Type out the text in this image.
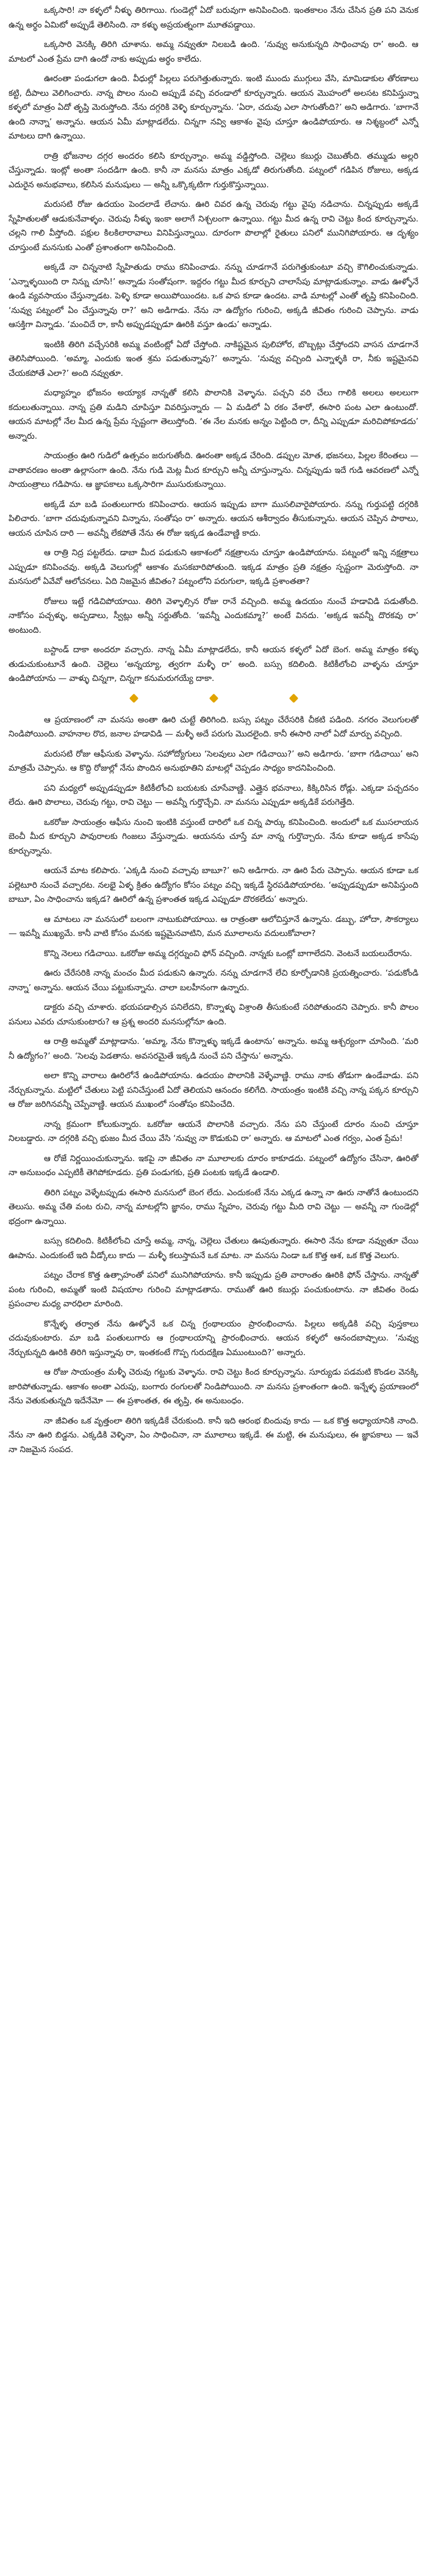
ఒక్కసారి! నా కళ్ళలో నీళ్ళు తిరిగాయి. గుండెల్లో ఏదో బరువుగా అనిపించింది. ఇంతకాలం నేను చేసిన ప్రతి పని వెనుక ఉన్న అర్థం ఏమిటో అప్పుడే తెలిసింది. నా కళ్ళు అప్రయత్నంగా మూతపడ్డాయి.

ఒక్కసారి వెనక్కి తిరిగి చూశాను. అమ్మ నవ్వుతూ నిలబడి ఉంది. ‘నువ్వు అనుకున్నది సాధించావు రా’ అంది. ఆ మాటలో ఎంత ప్రేమ దాగి ఉందో నాకు అప్పుడు అర్థం కాలేదు.

ఊరంతా పండుగలా ఉంది. వీధుల్లో పిల్లలు పరుగెత్తుతున్నారు. ఇంటి ముందు ముగ్గులు వేసి, మామిడాకుల తోరణాలు కట్టి, దీపాలు వెలిగించారు. నాన్న పొలం నుంచి అప్పుడే వచ్చి వరండాలో కూర్చున్నారు. ఆయన మొహంలో అలసట కనిపిస్తున్నా కళ్ళలో మాత్రం ఏదో తృప్తి మెరుస్తోంది. నేను దగ్గరికి వెళ్ళి కూర్చున్నాను. ‘ఏరా, చదువు ఎలా సాగుతోంది?’ అని అడిగారు. ‘బాగానే ఉంది నాన్నా’ అన్నాను. ఆయన ఏమీ మాట్లాడలేదు. చిన్నగా నవ్వి ఆకాశం వైపు చూస్తూ ఉండిపోయారు. ఆ నిశ్శబ్దంలో ఎన్నో మాటలు దాగి ఉన్నాయి.

రాత్రి భోజనాల దగ్గర అందరం కలిసి కూర్చున్నాం. అమ్మ వడ్డిస్తోంది. చెల్లెలు కబుర్లు చెబుతోంది. తమ్ముడు అల్లరి చేస్తున్నాడు. ఇంట్లో అంతా సందడిగా ఉంది. కానీ నా మనసు మాత్రం ఎక్కడో తిరుగుతోంది. పట్నంలో గడిపిన రోజులు, అక్కడ ఎదురైన అనుభవాలు, కలిసిన మనుషులు — అన్నీ ఒక్కొక్కటిగా గుర్తుకొస్తున్నాయి.

మరుసటి రోజు ఉదయం పెందలాడే లేచాను. ఊరి చివర ఉన్న చెరువు గట్టు వైపు నడిచాను. చిన్నప్పుడు అక్కడే స్నేహితులతో ఆడుకునేవాళ్ళం. చెరువు నీళ్ళు ఇంకా అలాగే నిశ్చలంగా ఉన్నాయి. గట్టు మీద ఉన్న రావి చెట్టు కింద కూర్చున్నాను. చల్లని గాలి వీస్తోంది. పక్షుల కిలకిలారావాలు వినిపిస్తున్నాయి. దూరంగా పొలాల్లో రైతులు పనిలో మునిగిపోయారు. ఆ దృశ్యం చూస్తుంటే మనసుకు ఎంతో ప్రశాంతంగా అనిపించింది.

అక్కడే నా చిన్ననాటి స్నేహితుడు రాము కనిపించాడు. నన్ను చూడగానే పరుగెత్తుకుంటూ వచ్చి కౌగిలించుకున్నాడు. ‘ఎన్నాళ్ళయింది రా నిన్ను చూసి!’ అన్నాడు సంతోషంగా. ఇద్దరం గట్టు మీద కూర్చుని చాలాసేపు మాట్లాడుకున్నాం. వాడు ఊళ్ళోనే ఉండి వ్యవసాయం చేస్తున్నాడట. పెళ్ళి కూడా అయిపోయిందట. ఒక పాప కూడా ఉందట. వాడి మాటల్లో ఎంతో తృప్తి కనిపించింది. ‘నువ్వు పట్నంలో ఏం చేస్తున్నావు రా?’ అని అడిగాడు. నేను నా ఉద్యోగం గురించి, అక్కడి జీవితం గురించి చెప్పాను. వాడు ఆసక్తిగా విన్నాడు. ‘మంచిదే రా, కానీ అప్పుడప్పుడూ ఊరికి వస్తూ ఉండు’ అన్నాడు.

ఇంటికి తిరిగి వచ్చేసరికి అమ్మ వంటింట్లో ఏదో చేస్తోంది. నాకిష్టమైన పులిహోర, బొబ్బట్లు చేస్తోందని వాసన చూడగానే తెలిసిపోయింది. ‘అమ్మా, ఎందుకు ఇంత శ్రమ పడుతున్నావు?’ అన్నాను. ‘నువ్వు వచ్చింది ఎన్నాళ్ళకి రా, నీకు ఇష్టమైనవి చేయకపోతే ఎలా?’ అంది నవ్వుతూ.

మధ్యాహ్నం భోజనం అయ్యాక నాన్నతో కలిసి పొలానికి వెళ్ళాను. పచ్చని వరి చేలు గాలికి అలలు అలలుగా కదులుతున్నాయి. నాన్న ప్రతి మడిని చూపిస్తూ వివరిస్తున్నారు — ఏ మడిలో ఏ రకం వేశారో, ఈసారి పంట ఎలా ఉంటుందో. ఆయన మాటల్లో నేల మీద ఉన్న ప్రేమ స్పష్టంగా తెలుస్తోంది. ‘ఈ నేల మనకు అన్నం పెట్టింది రా, దీన్ని ఎప్పుడూ మరిచిపోకూడదు’ అన్నారు.

సాయంత్రం ఊరి గుడిలో ఉత్సవం జరుగుతోంది. ఊరంతా అక్కడ చేరింది. డప్పుల మోత, భజనలు, పిల్లల కేరింతలు — వాతావరణం అంతా ఉల్లాసంగా ఉంది. నేను గుడి మెట్ల మీద కూర్చుని అన్నీ చూస్తున్నాను. చిన్నప్పుడు ఇదే గుడి ఆవరణలో ఎన్నో సాయంత్రాలు గడిపాను. ఆ జ్ఞాపకాలు ఒక్కసారిగా ముసురుకున్నాయి.

అక్కడే మా బడి పంతులుగారు కనిపించారు. ఆయన ఇప్పుడు బాగా ముసలివారైపోయారు. నన్ను గుర్తుపట్టి దగ్గరికి పిలిచారు. ‘బాగా చదువుకున్నావని విన్నాను, సంతోషం రా’ అన్నారు. ఆయన ఆశీర్వాదం తీసుకున్నాను. ఆయన చెప్పిన పాఠాలు, ఆయన చూపిన దారి — అవన్నీ లేకపోతే నేను ఈ రోజు ఇక్కడ ఉండేవాణ్ణి కాదు.

ఆ రాత్రి నిద్ర పట్టలేదు. డాబా మీద పడుకుని ఆకాశంలో నక్షత్రాలను చూస్తూ ఉండిపోయాను. పట్నంలో ఇన్ని నక్షత్రాలు ఎప్పుడూ కనిపించవు. అక్కడి వెలుగుల్లో ఆకాశం మసకబారిపోతుంది. ఇక్కడ మాత్రం ప్రతి నక్షత్రం స్పష్టంగా మెరుస్తోంది. నా మనసులో ఏవేవో ఆలోచనలు. ఏది నిజమైన జీవితం? పట్నంలోని పరుగులా, ఇక్కడి ప్రశాంతతా?

రోజులు ఇట్టే గడిచిపోయాయి. తిరిగి వెళ్ళాల్సిన రోజు రానే వచ్చింది. అమ్మ ఉదయం నుంచే హడావిడి పడుతోంది. నాకోసం పచ్చళ్ళు, అప్పడాలు, స్వీట్లు అన్నీ సర్దుతోంది. ‘ఇవన్నీ ఎందుకమ్మా?’ అంటే వినదు. ‘అక్కడ ఇవన్నీ దొరకవు రా’ అంటుంది.

బస్టాండ్ దాకా అందరూ వచ్చారు. నాన్న ఏమీ మాట్లాడలేదు, కానీ ఆయన కళ్ళలో ఏదో బెంగ. అమ్మ మాత్రం కళ్ళు తుడుచుకుంటూనే ఉంది. చెల్లెలు ‘అన్నయ్యా, త్వరగా మళ్ళీ రా’ అంది. బస్సు కదిలింది. కిటికీలోంచి వాళ్ళను చూస్తూ ఉండిపోయాను — వాళ్ళు చిన్నగా, చిన్నగా కనుమరుగయ్యే దాకా.

ఆ ప్రయాణంలో నా మనసు అంతా ఊరి చుట్టే తిరిగింది. బస్సు పట్నం చేరేసరికి చీకటి పడింది. నగరం వెలుగులతో నిండిపోయింది. వాహనాల రొద, జనాల హడావిడి — మళ్ళీ అదే పరుగు మొదలైంది. కానీ ఈసారి నాలో ఏదో మార్పు వచ్చింది.

మరుసటి రోజు ఆఫీసుకు వెళ్ళాను. సహోద్యోగులు ‘సెలవులు ఎలా గడిచాయి?’ అని అడిగారు. ‘బాగా గడిచాయి’ అని మాత్రమే చెప్పాను. ఆ కొద్ది రోజుల్లో నేను పొందిన అనుభూతిని మాటల్లో చెప్పడం సాధ్యం కాదనిపించింది.

పని మధ్యలో అప్పుడప్పుడూ కిటికీలోంచి బయటకు చూసేవాణ్ణి. ఎత్తైన భవనాలు, కిక్కిరిసిన రోడ్లు. ఎక్కడా పచ్చదనం లేదు. ఊరి పొలాలు, చెరువు గట్టు, రావి చెట్టు — అవన్నీ గుర్తొచ్చేవి. నా మనసు ఎప్పుడూ అక్కడికే పరుగెత్తేది.

ఒకరోజు సాయంత్రం ఆఫీసు నుంచి ఇంటికి వస్తుంటే దారిలో ఒక చిన్న పార్కు కనిపించింది. అందులో ఒక ముసలాయన బెంచీ మీద కూర్చుని పావురాలకు గింజలు వేస్తున్నాడు. ఆయనను చూస్తే మా నాన్న గుర్తొచ్చారు. నేను కూడా అక్కడ కాసేపు కూర్చున్నాను.

ఆయనే మాట కలిపారు. ‘ఎక్కడి నుంచి వచ్చావు బాబూ?’ అని అడిగారు. నా ఊరి పేరు చెప్పాను. ఆయన కూడా ఒక పల్లెటూరి నుంచే వచ్చారట. నలభై ఏళ్ళ క్రితం ఉద్యోగం కోసం పట్నం వచ్చి ఇక్కడే స్థిరపడిపోయారట. ‘అప్పుడప్పుడూ అనిపిస్తుంది బాబూ, ఏం సాధించాను ఇక్కడ? ఊరిలో ఉన్న ప్రశాంతత ఇక్కడ ఎప్పుడూ దొరకలేదు’ అన్నారు.

ఆ మాటలు నా మనసులో బలంగా నాటుకుపోయాయి. ఆ రాత్రంతా ఆలోచిస్తూనే ఉన్నాను. డబ్బు, హోదా, సౌకర్యాలు — ఇవన్నీ ముఖ్యమే. కానీ వాటి కోసం మనకు ఇష్టమైనవాటిని, మన మూలాలను వదులుకోవాలా?

కొన్ని నెలలు గడిచాయి. ఒకరోజు అమ్మ దగ్గర్నుంచి ఫోన్ వచ్చింది. నాన్నకు ఒంట్లో బాగాలేదని. వెంటనే బయలుదేరాను.

ఊరు చేరేసరికి నాన్న మంచం మీద పడుకుని ఉన్నారు. నన్ను చూడగానే లేచి కూర్చోడానికి ప్రయత్నించారు. ‘పడుకోండి నాన్నా’ అన్నాను. ఆయన చేయి పట్టుకున్నాను. చాలా బలహీనంగా ఉన్నారు.

డాక్టరు వచ్చి చూశారు. భయపడాల్సిన పనిలేదని, కొన్నాళ్ళు విశ్రాంతి తీసుకుంటే సరిపోతుందని చెప్పారు. కానీ పొలం పనులు ఎవరు చూసుకుంటారు? ఆ ప్రశ్న అందరి మనసుల్లోనూ ఉంది.

ఆ రాత్రి అమ్మతో మాట్లాడాను. ‘అమ్మా, నేను కొన్నాళ్ళు ఇక్కడే ఉంటాను’ అన్నాను. అమ్మ ఆశ్చర్యంగా చూసింది. ‘మరి నీ ఉద్యోగం?’ అంది. ‘సెలవు పెడతాను. అవసరమైతే ఇక్కడి నుంచే పని చేస్తాను’ అన్నాను.

అలా కొన్ని వారాలు ఊరిలోనే ఉండిపోయాను. ఉదయం పొలానికి వెళ్ళేవాణ్ణి. రాము నాకు తోడుగా ఉండేవాడు. పని నేర్చుకున్నాను. మట్టిలో చేతులు పెట్టి పనిచేస్తుంటే ఏదో తెలియని ఆనందం కలిగేది. సాయంత్రం ఇంటికి వచ్చి నాన్న పక్కన కూర్చుని ఆ రోజు జరిగినవన్నీ చెప్పేవాణ్ణి. ఆయన ముఖంలో సంతోషం కనిపించేది.

నాన్న క్రమంగా కోలుకున్నారు. ఒకరోజు ఆయనే పొలానికి వచ్చారు. నేను పని చేస్తుంటే దూరం నుంచి చూస్తూ నిలబడ్డారు. నా దగ్గరికి వచ్చి భుజం మీద చేయి వేసి ‘నువ్వు నా కొడుకువి రా’ అన్నారు. ఆ మాటలో ఎంత గర్వం, ఎంత ప్రేమ!

ఆ రోజే నిర్ణయించుకున్నాను. ఇకపై నా జీవితం నా మూలాలకు దూరం కాకూడదు. పట్నంలో ఉద్యోగం చేసినా, ఊరితో నా అనుబంధం ఎప్పటికీ తెగిపోకూడదు. ప్రతి పండుగకు, ప్రతి పంటకు ఇక్కడే ఉండాలి.

తిరిగి పట్నం వెళ్ళేటప్పుడు ఈసారి మనసులో బెంగ లేదు. ఎందుకంటే నేను ఎక్కడ ఉన్నా నా ఊరు నాతోనే ఉంటుందని తెలుసు. అమ్మ చేతి వంట రుచి, నాన్న మాటల్లోని జ్ఞానం, రాము స్నేహం, చెరువు గట్టు మీది రావి చెట్టు — అవన్నీ నా గుండెల్లో భద్రంగా ఉన్నాయి.

బస్సు కదిలింది. కిటికీలోంచి చూస్తే అమ్మ, నాన్న, చెల్లెలు చేతులు ఊపుతున్నారు. ఈసారి నేను కూడా నవ్వుతూ చేయి ఊపాను. ఎందుకంటే ఇది వీడ్కోలు కాదు — మళ్ళీ కలుస్తామనే ఒక మాట. నా మనసు నిండా ఒక కొత్త ఆశ, ఒక కొత్త వెలుగు.

పట్నం చేరాక కొత్త ఉత్సాహంతో పనిలో మునిగిపోయాను. కానీ ఇప్పుడు ప్రతి వారాంతం ఊరికి ఫోన్ చేస్తాను. నాన్నతో పంట గురించి, అమ్మతో ఇంటి విషయాల గురించి మాట్లాడతాను. రాముతో ఊరి కబుర్లు పంచుకుంటాను. నా జీవితం రెండు ప్రపంచాల మధ్య వారధిలా మారింది.

కొన్నేళ్ళ తర్వాత నేను ఊళ్ళోనే ఒక చిన్న గ్రంథాలయం ప్రారంభించాను. పిల్లలు అక్కడికి వచ్చి పుస్తకాలు చదువుకుంటారు. మా బడి పంతులుగారు ఆ గ్రంథాలయాన్ని ప్రారంభించారు. ఆయన కళ్ళలో ఆనందబాష్పాలు. ‘నువ్వు నేర్చుకున్నది ఊరికి తిరిగి ఇస్తున్నావు రా, ఇంతకంటే గొప్ప గురుదక్షిణ ఏముంటుంది?’ అన్నారు.

ఆ రోజు సాయంత్రం మళ్ళీ చెరువు గట్టుకు వెళ్ళాను. రావి చెట్టు కింద కూర్చున్నాను. సూర్యుడు పడమటి కొండల వెనక్కి జారిపోతున్నాడు. ఆకాశం అంతా ఎరుపు, బంగారు రంగులతో నిండిపోయింది. నా మనసు ప్రశాంతంగా ఉంది. ఇన్నేళ్ళ ప్రయాణంలో నేను వెతుకుతున్నది ఇదేనేమో — ఈ ప్రశాంతత, ఈ తృప్తి, ఈ అనుబంధం.

నా జీవితం ఒక వృత్తంలా తిరిగి ఇక్కడికే చేరుకుంది. కానీ ఇది ఆరంభ బిందువు కాదు — ఒక కొత్త అధ్యాయానికి నాంది. నేను నా ఊరి బిడ్డను. ఎక్కడికి వెళ్ళినా, ఏం సాధించినా, నా మూలాలు ఇక్కడే. ఈ మట్టి, ఈ మనుషులు, ఈ జ్ఞాపకాలు — ఇవే నా నిజమైన సంపద.
